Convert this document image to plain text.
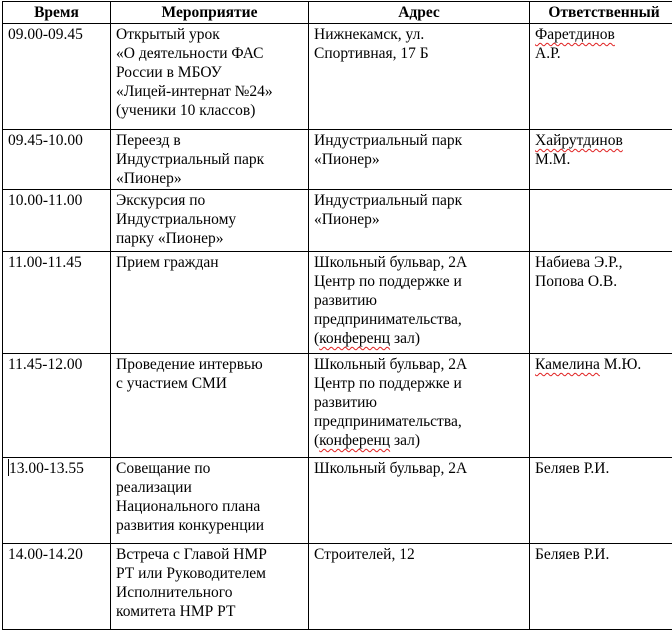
Время	Мероприятие	Адрес	Ответственный

09.00-09.45	Открытый урок
«О деятельности ФАС
России в МБОУ
«Лицей-интернат №24»
(ученики 10 классов)	Нижнекамск, ул.
Спортивная, 17 Б	Фаретдинов
А.Р.

09.45-10.00	Переезд в
Индустриальный парк
«Пионер»	Индустриальный парк
«Пионер»	Хайрутдинов
М.М.

10.00-11.00	Экскурсия по
Индустриальному
парку «Пионер»	Индустриальный парк
«Пионер»	

11.00-11.45	Прием граждан	Школьный бульвар, 2А
Центр по поддержке и
развитию
предпринимательства,
(конференц зал)	Набиева Э.Р.,
Попова О.В.

11.45-12.00	Проведение интервью
с участием СМИ	Школьный бульвар, 2А
Центр по поддержке и
развитию
предпринимательства,
(конференц зал)	Камелина М.Ю.

13.00-13.55	Совещание по
реализации
Национального плана
развития конкуренции	Школьный бульвар, 2А	Беляев Р.И.

14.00-14.20	Встреча с Главой НМР
РТ или Руководителем
Исполнительного
комитета НМР РТ	Строителей, 12	Беляев Р.И.
